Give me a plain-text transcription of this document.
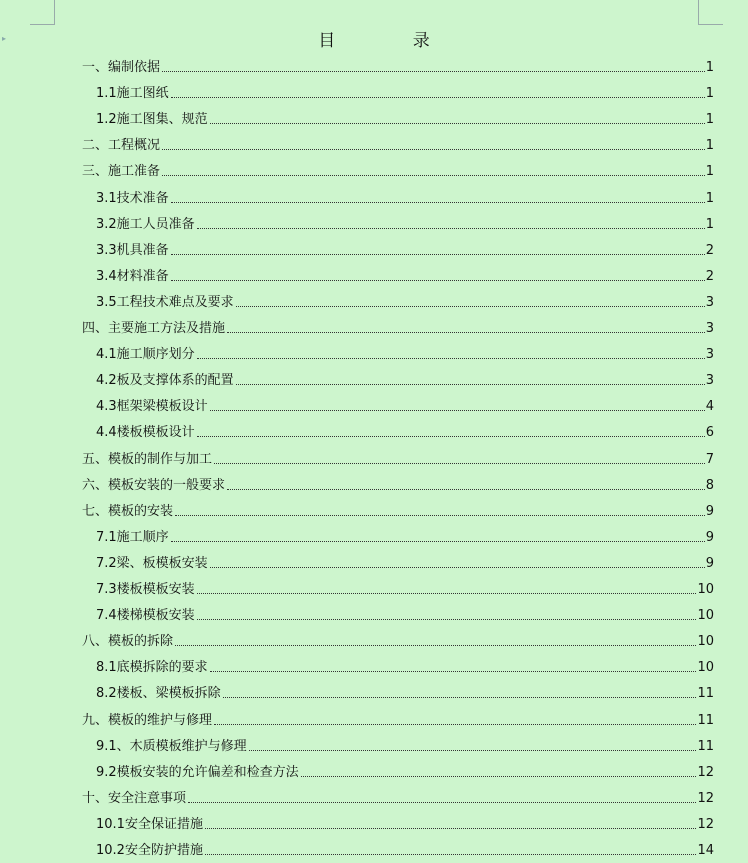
▸	目 录
一、编制依据	1
1.1施工图纸	1
1.2施工图集、规范	1
二、工程概况	1
三、施工准备	1
3.1技术准备	1
3.2施工人员准备	1
3.3机具准备	2
3.4材料准备	2
3.5工程技术难点及要求	3
四、主要施工方法及措施	3
4.1施工顺序划分	3
4.2板及支撑体系的配置	3
4.3框架梁模板设计	4
4.4楼板模板设计	6
五、模板的制作与加工	7
六、模板安装的一般要求	8
七、模板的安装	9
7.1施工顺序	9
7.2梁、板模板安装	9
7.3楼板模板安装	10
7.4楼梯模板安装	10
八、模板的拆除	10
8.1底模拆除的要求	10
8.2楼板、梁模板拆除	11
九、模板的维护与修理	11
9.1、木质模板维护与修理	11
9.2模板安装的允许偏差和检查方法	12
十、安全注意事项	12
10.1安全保证措施	12
10.2安全防护措施	14
